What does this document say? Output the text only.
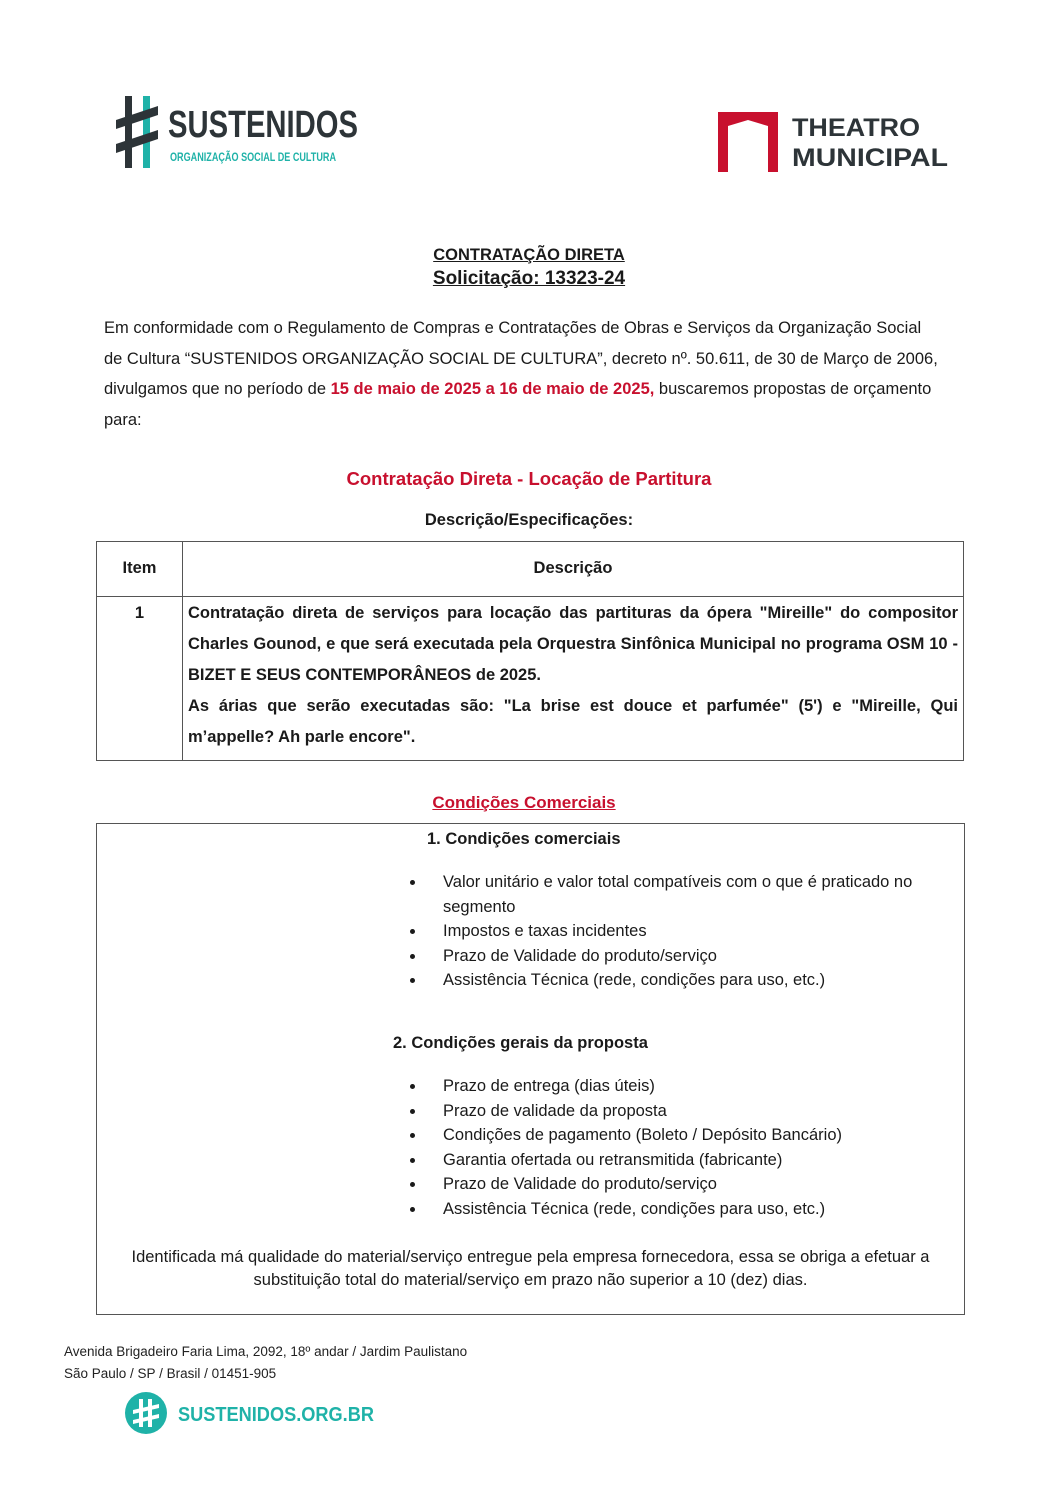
SUSTENIDOS
ORGANIZAÇÃO SOCIAL DE CULTURA
THEATRO
MUNICIPAL
CONTRATAÇÃO DIRETA
Solicitação: 13323-24
Em conformidade com o Regulamento de Compras e Contratações de Obras e Serviços da Organização Social de Cultura “SUSTENIDOS ORGANIZAÇÃO SOCIAL DE CULTURA”, decreto nº. 50.611, de 30 de Março de 2006, divulgamos que no período de 15 de maio de 2025 a 16 de maio de 2025, buscaremos propostas de orçamento para:
Contratação Direta - Locação de Partitura
Descrição/Especificações:
Item	Descrição
1	Contratação direta de serviços para locação das partituras da ópera "Mireille" do compositor Charles Gounod, e que será executada pela Orquestra Sinfônica Municipal no programa OSM 10 - BIZET E SEUS CONTEMPORÂNEOS de 2025.
As árias que serão executadas são: "La brise est douce et parfumée" (5') e "Mireille, Qui m’appelle? Ah parle encore".
Condições Comerciais
1. Condições comerciais
Valor unitário e valor total compatíveis com o que é praticado no segmento
Impostos e taxas incidentes
Prazo de Validade do produto/serviço
Assistência Técnica (rede, condições para uso, etc.)
2. Condições gerais da proposta
Prazo de entrega (dias úteis)
Prazo de validade da proposta
Condições de pagamento (Boleto / Depósito Bancário)
Garantia ofertada ou retransmitida (fabricante)
Prazo de Validade do produto/serviço
Assistência Técnica (rede, condições para uso, etc.)
Identificada má qualidade do material/serviço entregue pela empresa fornecedora, essa se obriga a efetuar a substituição total do material/serviço em prazo não superior a 10 (dez) dias.
Avenida Brigadeiro Faria Lima, 2092, 18º andar / Jardim Paulistano
São Paulo / SP / Brasil / 01451-905
SUSTENIDOS.ORG.BR
